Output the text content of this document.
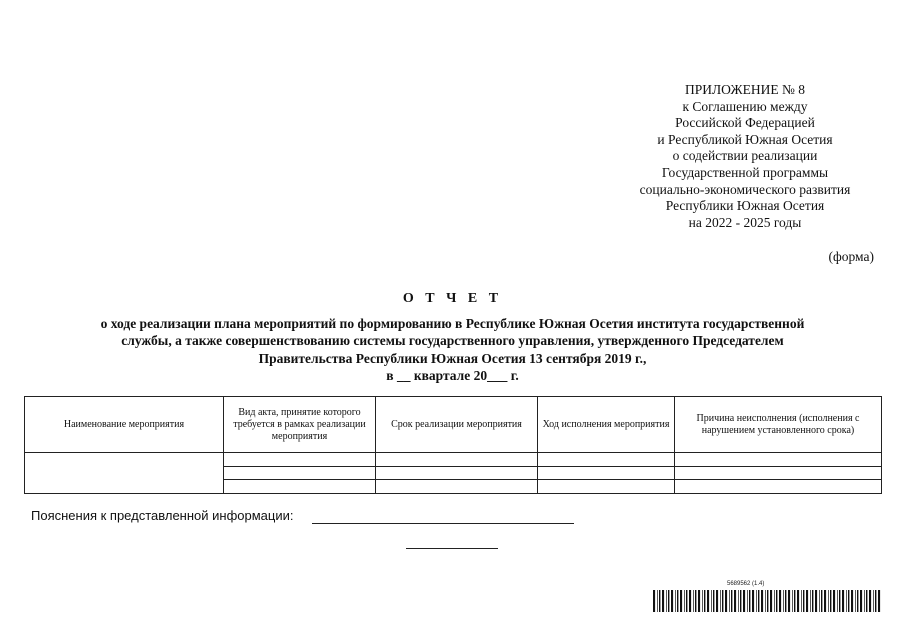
ПРИЛОЖЕНИЕ № 8
к Соглашению между
Российской Федерацией
и Республикой Южная Осетия
о содействии реализации
Государственной программы
социально-экономического развития
Республики Южная Осетия
на 2022 - 2025 годы
(форма)
О Т Ч Е Т
о ходе реализации плана мероприятий по формированию в Республике Южная Осетия института государственной
службы, а также совершенствованию системы государственного управления, утвержденного Председателем
Правительства Республики Южная Осетия 13 сентября 2019 г.,
в __ квартале 20___ г.
Наименование мероприятия	Вид акта, принятие которого требуется в рамках реализации мероприятия	Срок реализации мероприятия	Ход исполнения мероприятия	Причина неисполнения (исполнения с нарушением установленного срока)

Пояснения к представленной информации:
5689562 (1.4)
